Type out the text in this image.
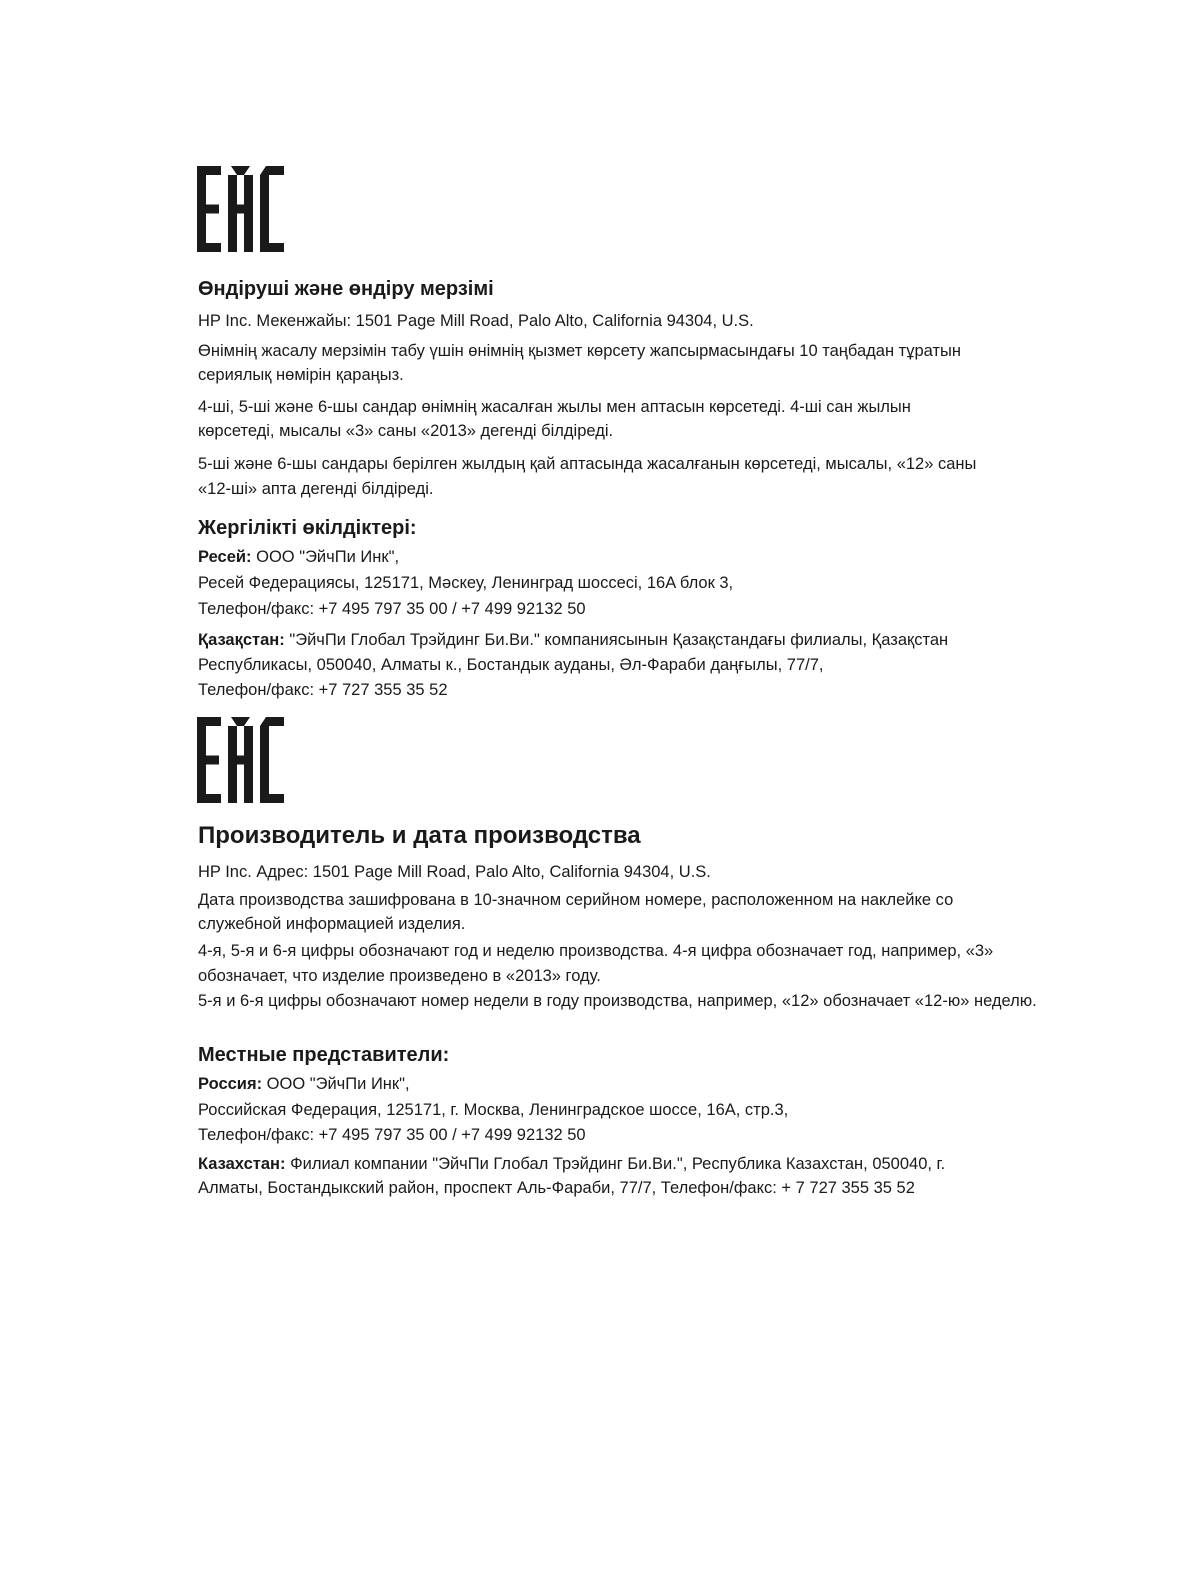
Өндіруші және өндіру мерзімі

HP Inc. Мекенжайы: 1501 Page Mill Road, Palo Alto, California 94304, U.S.

Өнімнің жасалу мерзімін табу үшін өнімнің қызмет көрсету жапсырмасындағы 10 таңбадан тұратын

сериялық нөмірін қараңыз.

4-ші, 5-ші және 6-шы сандар өнімнің жасалған жылы мен аптасын көрсетеді. 4-ші сан жылын

көрсетеді, мысалы «3» саны «2013» дегенді білдіреді.

5-ші және 6-шы сандары берілген жылдың қай аптасында жасалғанын көрсетеді, мысалы, «12» саны

«12-ші» апта дегенді білдіреді.

Жергілікті өкілдіктері:

Ресей: ООО "ЭйчПи Инк",

Ресей Федерациясы, 125171, Мәскеу, Ленинград шоссесі, 16A блок 3,

Телефон/факс: +7 495 797 35 00 / +7 499 92132 50

Қазақстан: "ЭйчПи Глобал Трэйдинг Би.Ви." компаниясынын Қазақстандағы филиалы, Қазақстан

Республикасы, 050040, Алматы к., Бостандык ауданы, Әл-Фараби даңғылы, 77/7,

Телефон/факс: +7 727 355 35 52

Производитель и дата производства

HP Inc. Адрес: 1501 Page Mill Road, Palo Alto, California 94304, U.S.

Дата производства зашифрована в 10-значном серийном номере, расположенном на наклейке со

служебной информацией изделия.

4-я, 5-я и 6-я цифры обозначают год и неделю производства. 4-я цифра обозначает год, например, «3»

обозначает, что изделие произведено в «2013» году.

5-я и 6-я цифры обозначают номер недели в году производства, например, «12» обозначает «12-ю» неделю.

Местные представители:

Россия: ООО "ЭйчПи Инк",

Российская Федерация, 125171, г. Москва, Ленинградское шоссе, 16A, стр.3,

Телефон/факс: +7 495 797 35 00 / +7 499 92132 50

Казахстан: Филиал компании "ЭйчПи Глобал Трэйдинг Би.Ви.", Республика Казахстан, 050040, г.

Алматы, Бостандыкский район, проспект Аль-Фараби, 77/7, Телефон/факс: + 7 727 355 35 52
